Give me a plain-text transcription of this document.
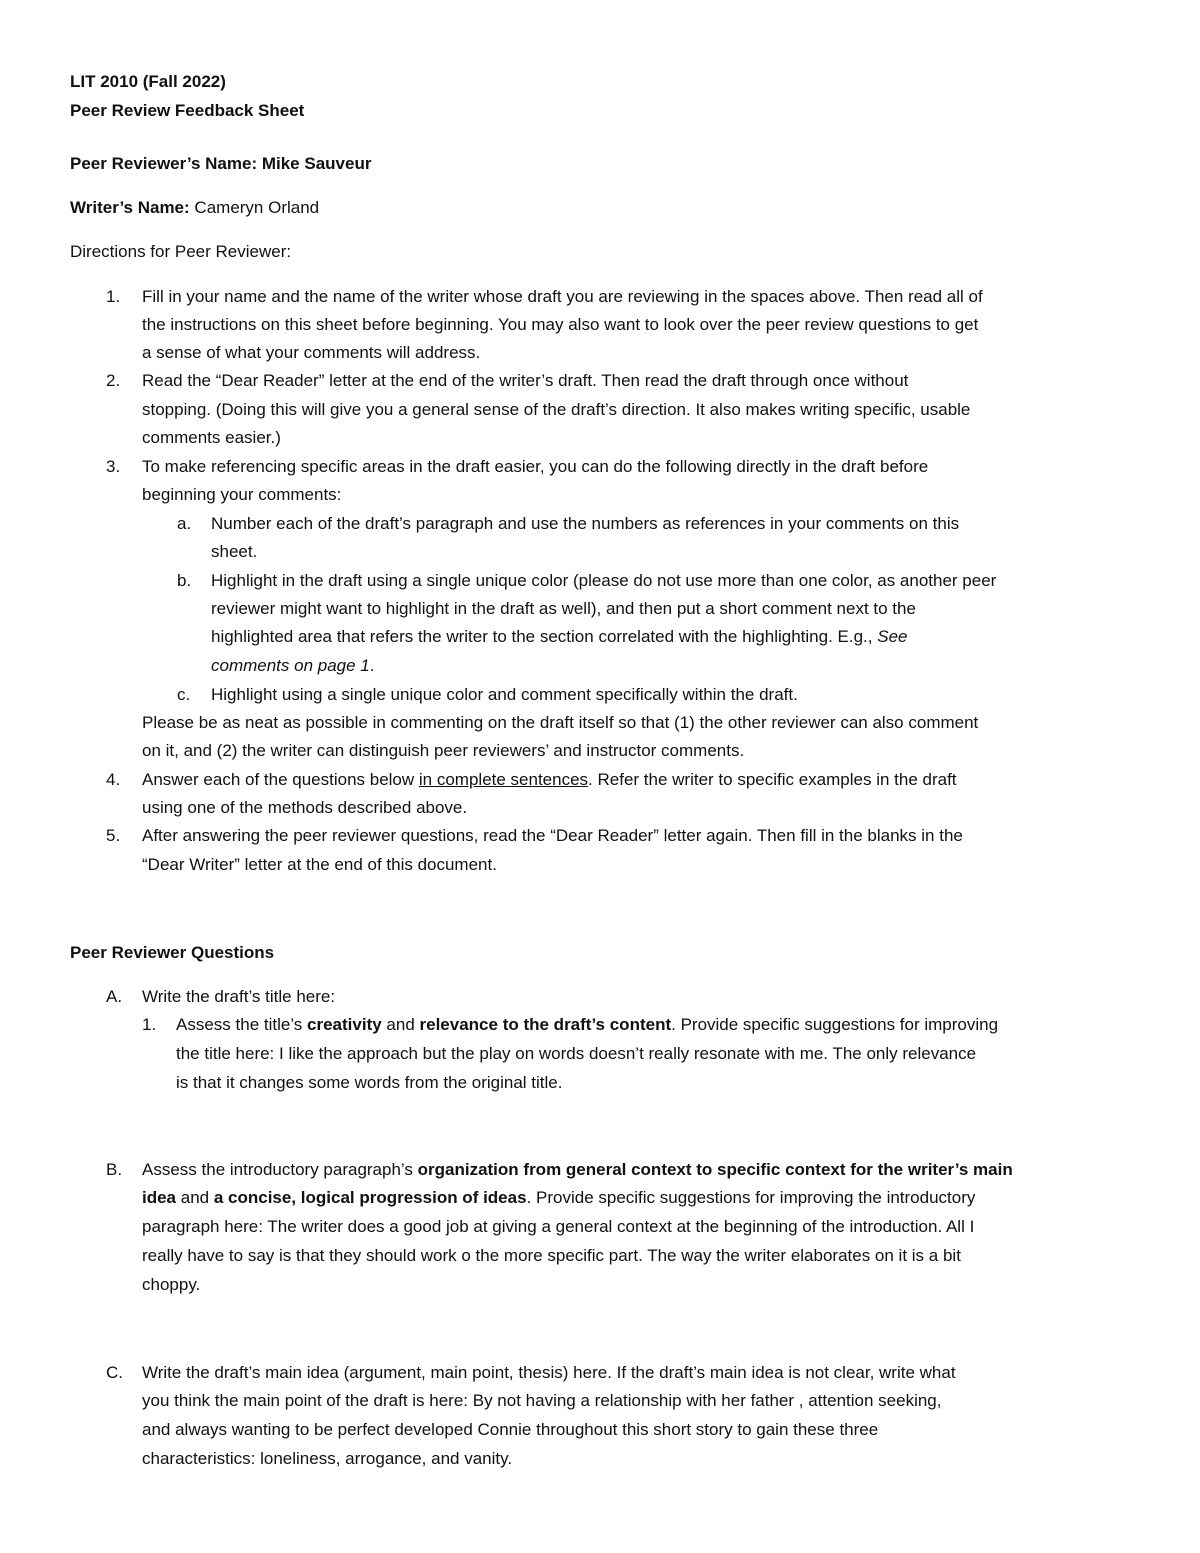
LIT 2010 (Fall 2022)
Peer Review Feedback Sheet
Peer Reviewer’s Name: Mike Sauveur
Writer’s Name: Cameryn Orland
Directions for Peer Reviewer:
1. Fill in your name and the name of the writer whose draft you are reviewing in the spaces above. Then read all of
the instructions on this sheet before beginning. You may also want to look over the peer review questions to get
a sense of what your comments will address.
2. Read the “Dear Reader” letter at the end of the writer’s draft. Then read the draft through once without
stopping. (Doing this will give you a general sense of the draft’s direction. It also makes writing specific, usable
comments easier.)
3. To make referencing specific areas in the draft easier, you can do the following directly in the draft before
beginning your comments:
a. Number each of the draft’s paragraph and use the numbers as references in your comments on this
sheet.
b. Highlight in the draft using a single unique color (please do not use more than one color, as another peer
reviewer might want to highlight in the draft as well), and then put a short comment next to the
highlighted area that refers the writer to the section correlated with the highlighting. E.g., See
comments on page 1.
c. Highlight using a single unique color and comment specifically within the draft.
Please be as neat as possible in commenting on the draft itself so that (1) the other reviewer can also comment
on it, and (2) the writer can distinguish peer reviewers’ and instructor comments.
4. Answer each of the questions below in complete sentences. Refer the writer to specific examples in the draft
using one of the methods described above.
5. After answering the peer reviewer questions, read the “Dear Reader” letter again. Then fill in the blanks in the
“Dear Writer” letter at the end of this document.
Peer Reviewer Questions
A. Write the draft’s title here:
1. Assess the title’s creativity and relevance to the draft’s content. Provide specific suggestions for improving
the title here: I like the approach but the play on words doesn’t really resonate with me. The only relevance
is that it changes some words from the original title.
B. Assess the introductory paragraph’s organization from general context to specific context for the writer’s main
idea and a concise, logical progression of ideas. Provide specific suggestions for improving the introductory
paragraph here: The writer does a good job at giving a general context at the beginning of the introduction. All I
really have to say is that they should work o the more specific part. The way the writer elaborates on it is a bit
choppy.
C. Write the draft’s main idea (argument, main point, thesis) here. If the draft’s main idea is not clear, write what
you think the main point of the draft is here: By not having a relationship with her father , attention seeking,
and always wanting to be perfect developed Connie throughout this short story to gain these three
characteristics: loneliness, arrogance, and vanity.
